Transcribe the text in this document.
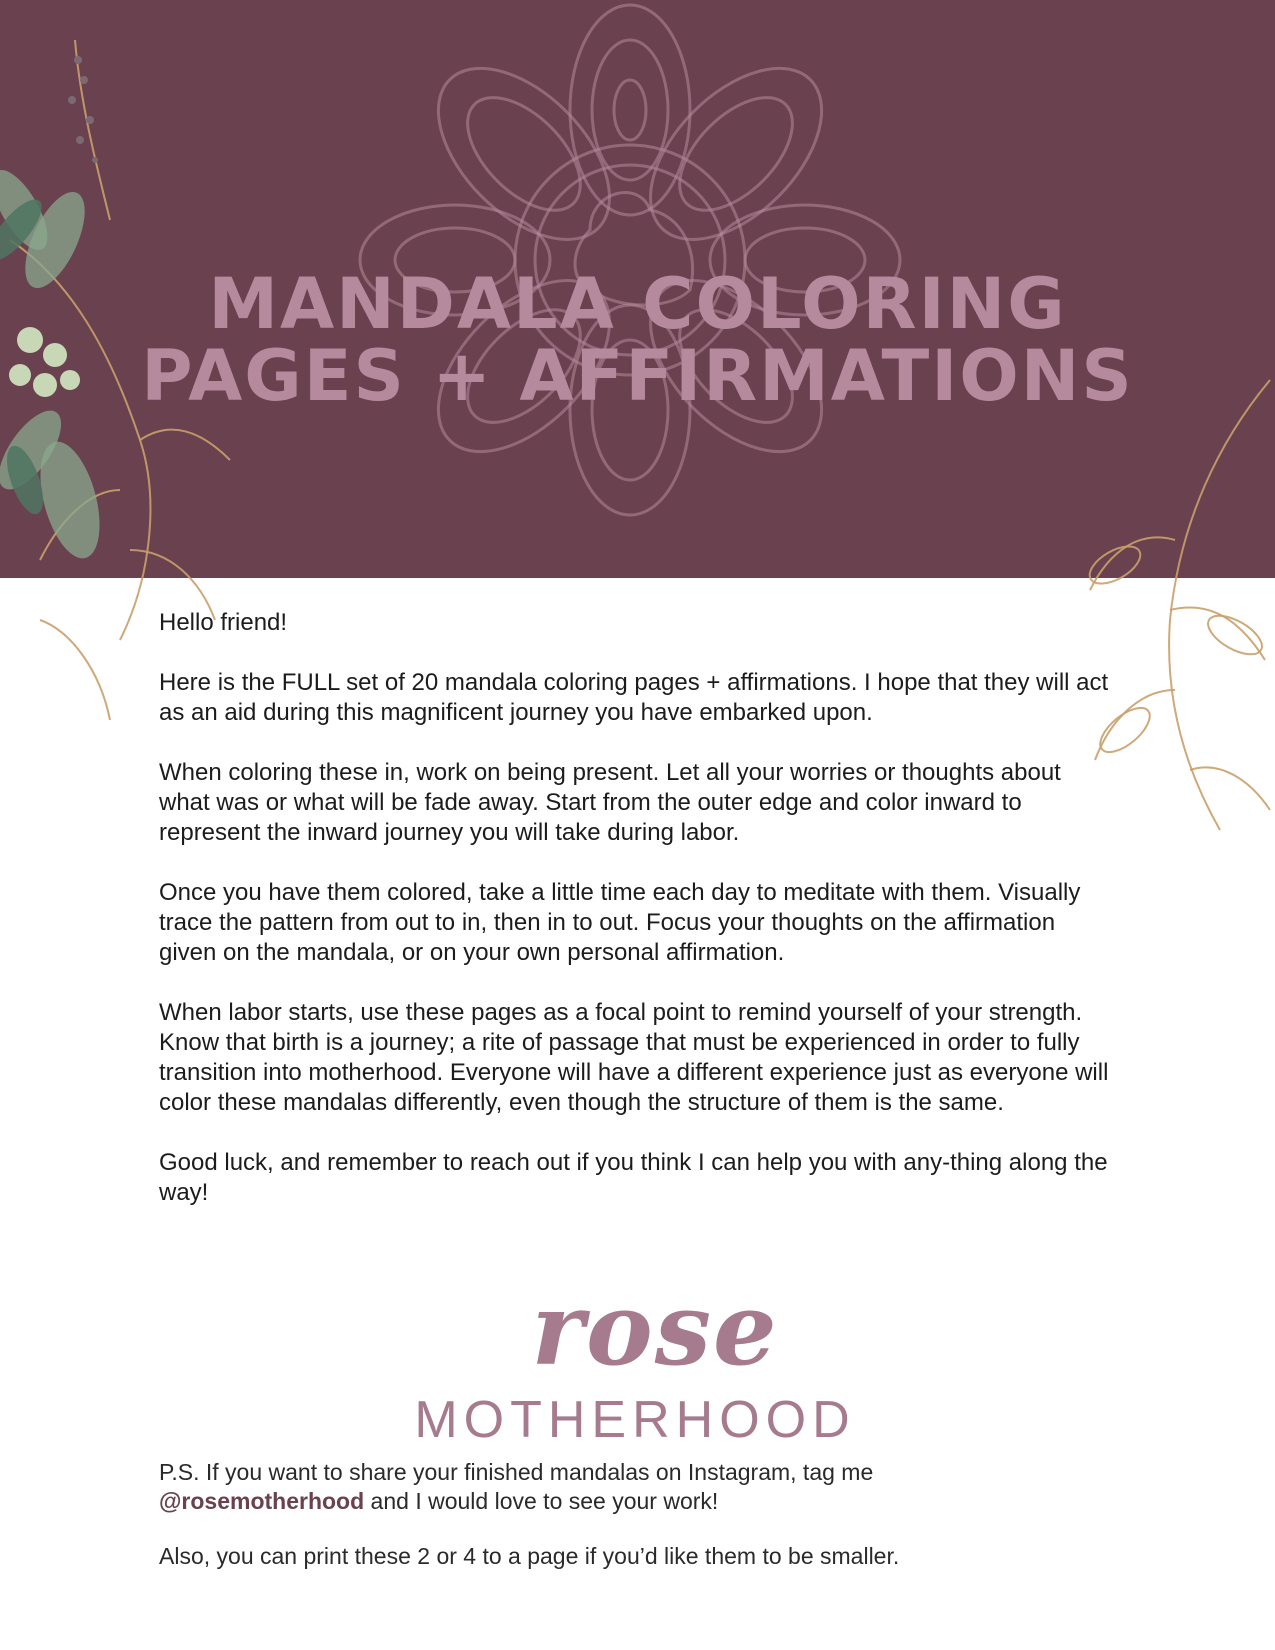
MANDALA COLORING
PAGES + AFFIRMATIONS

Hello friend!

Here is the FULL set of 20 mandala coloring pages + affirmations. I hope that they will act as an aid during this magnificent journey you have embarked upon.

When coloring these in, work on being present. Let all your worries or thoughts about what was or what will be fade away. Start from the outer edge and color inward to represent the inward journey you will take during labor.

Once you have them colored, take a little time each day to meditate with them. Visually trace the pattern from out to in, then in to out. Focus your thoughts on the affirmation given on the mandala, or on your own personal affirmation.

When labor starts, use these pages as a focal point to remind yourself of your strength. Know that birth is a journey; a rite of passage that must be experienced in order to fully transition into motherhood. Everyone will have a different experience just as everyone will color these mandalas differently, even though the structure of them is the same.

Good luck, and remember to reach out if you think I can help you with any-thing along the way!

rose
MOTHERHOOD

P.S. If you want to share your finished mandalas on Instagram, tag me
@rosemotherhood and I would love to see your work!

Also, you can print these 2 or 4 to a page if you’d like them to be smaller.
